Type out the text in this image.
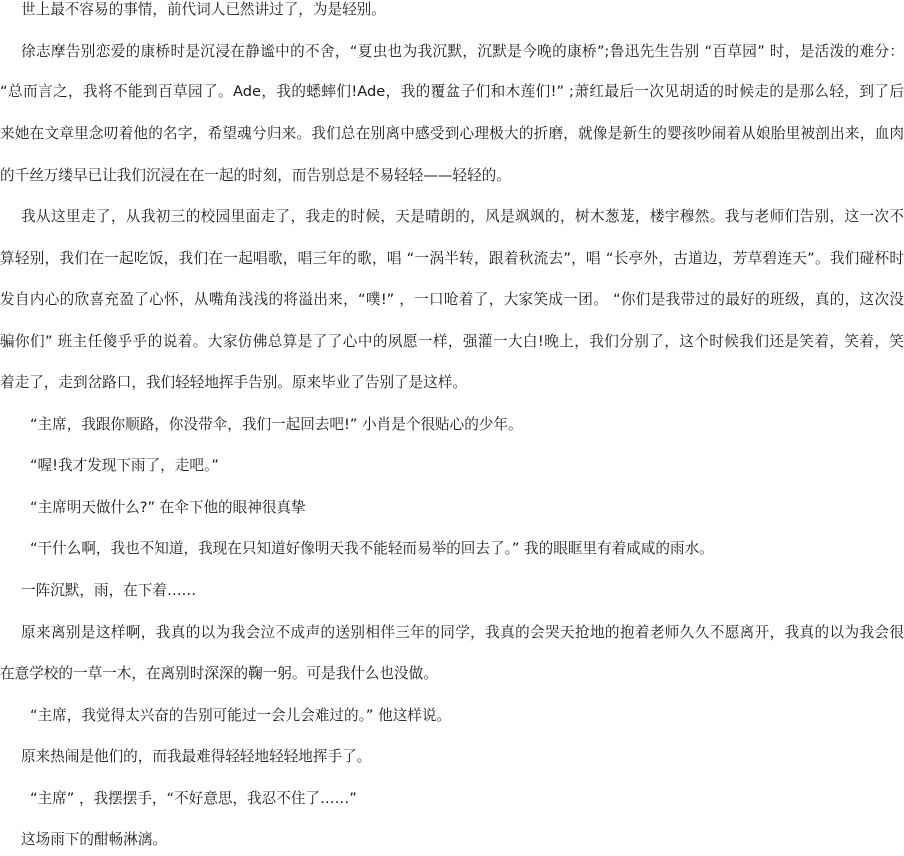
世上最不容易的事情，前代词人已然讲过了，为是轻别。
徐志摩告别恋爱的康桥时是沉浸在静谧中的不舍，“夏虫也为我沉默，沉默是今晚的康桥”;鲁迅先生告别 “百草园” 时，是活泼的难分：
“总而言之，我将不能到百草园了。Ade，我的蟋蟀们!Ade，我的覆盆子们和木莲们!” ;萧红最后一次见胡适的时候走的是那么轻，到了后
来她在文章里念叨着他的名字，希望魂兮归来。我们总在别离中感受到心理极大的折磨，就像是新生的婴孩吵闹着从娘胎里被剖出来，血肉
的千丝万缕早已让我们沉浸在在一起的时刻，而告别总是不易轻轻——轻轻的。
我从这里走了，从我初三的校园里面走了，我走的时候，天是晴朗的，风是飒飒的，树木葱茏，楼宇穆然。我与老师们告别，这一次不
算轻别，我们在一起吃饭，我们在一起唱歌，唱三年的歌，唱 “一涡半转，跟着秋流去”，唱 “长亭外，古道边，芳草碧连天”。我们碰杯时
发自内心的欣喜充盈了心怀，从嘴角浅浅的将溢出来，“噗!” ，一口呛着了，大家笑成一团。 “你们是我带过的最好的班级，真的，这次没
骗你们” 班主任傻乎乎的说着。大家仿佛总算是了了心中的夙愿一样，强灌一大白!晚上，我们分别了，这个时候我们还是笑着，笑着，笑
着走了，走到岔路口，我们轻轻地挥手告别。原来毕业了告别了是这样。
“主席，我跟你顺路，你没带伞，我们一起回去吧!” 小肖是个很贴心的少年。
“喔!我才发现下雨了，走吧。”
“主席明天做什么?” 在伞下他的眼神很真挚
“干什么啊，我也不知道，我现在只知道好像明天我不能轻而易举的回去了。” 我的眼眶里有着咸咸的雨水。
一阵沉默，雨，在下着……
原来离别是这样啊，我真的以为我会泣不成声的送别相伴三年的同学，我真的会哭天抢地的抱着老师久久不愿离开，我真的以为我会很
在意学校的一草一木，在离别时深深的鞠一躬。可是我什么也没做。
“主席，我觉得太兴奋的告别可能过一会儿会难过的。” 他这样说。
原来热闹是他们的，而我最难得轻轻地轻轻地挥手了。
“主席” ，我摆摆手，“不好意思，我忍不住了……”
这场雨下的酣畅淋漓。
